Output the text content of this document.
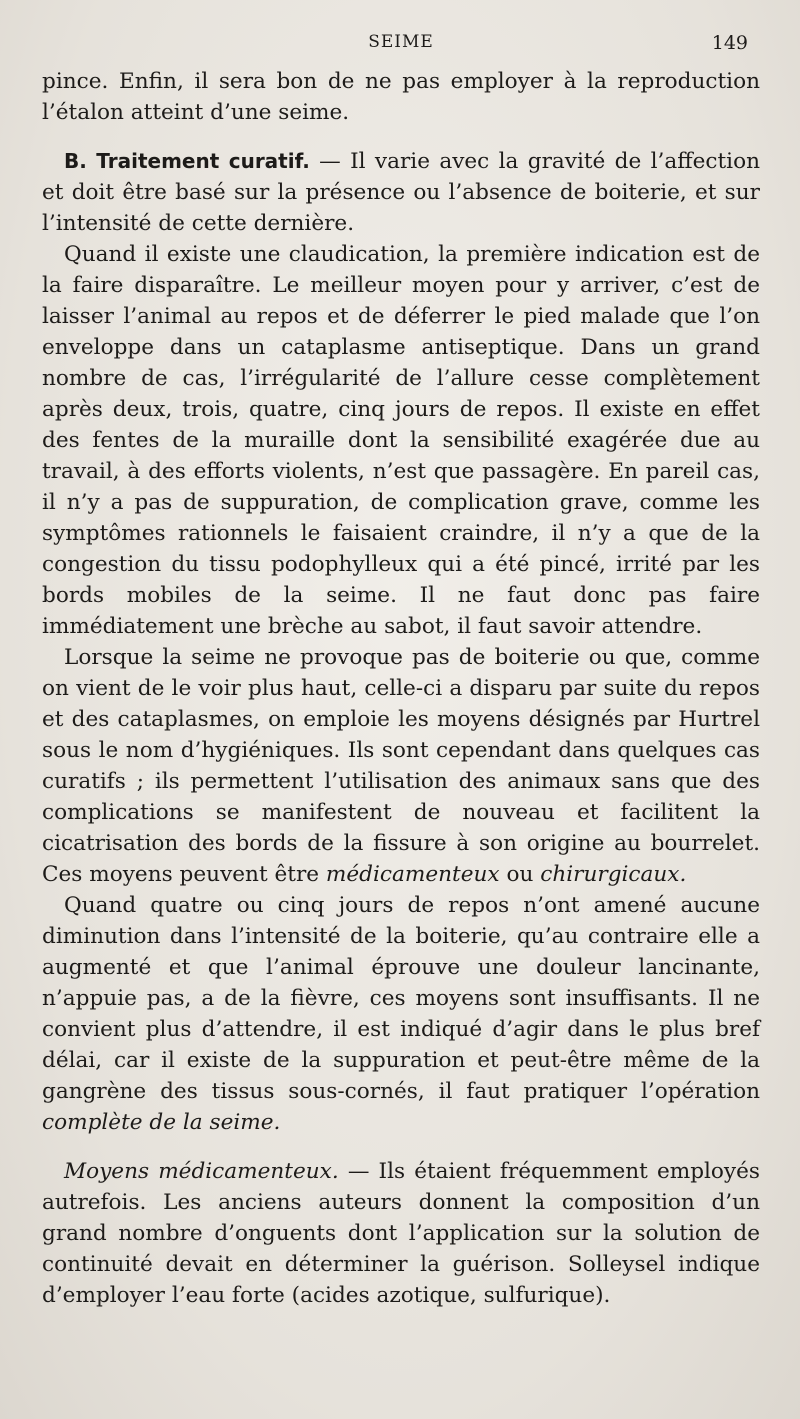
SEIME	149

pince. Enfin, il sera bon de ne pas employer à la reproduction l’étalon atteint d’une seime.

B. Traitement curatif. — Il varie avec la gravité de l’affection et doit être basé sur la présence ou l’absence de boiterie, et sur l’intensité de cette dernière.

Quand il existe une claudication, la première indication est de la faire disparaître. Le meilleur moyen pour y arriver, c’est de laisser l’animal au repos et de déferrer le pied malade que l’on enveloppe dans un cataplasme antiseptique. Dans un grand nombre de cas, l’irrégularité de l’allure cesse complètement après deux, trois, quatre, cinq jours de repos. Il existe en effet des fentes de la muraille dont la sensibilité exagérée due au travail, à des efforts violents, n’est que passagère. En pareil cas, il n’y a pas de suppuration, de complication grave, comme les symptômes rationnels le faisaient craindre, il n’y a que de la congestion du tissu podophylleux qui a été pincé, irrité par les bords mobiles de la seime. Il ne faut donc pas faire immédiatement une brèche au sabot, il faut savoir attendre.

Lorsque la seime ne provoque pas de boiterie ou que, comme on vient de le voir plus haut, celle-ci a disparu par suite du repos et des cataplasmes, on emploie les moyens désignés par Hurtrel sous le nom d’hygiéniques. Ils sont cependant dans quelques cas curatifs ; ils permettent l’utilisation des animaux sans que des complications se manifestent de nouveau et facilitent la cicatrisation des bords de la fissure à son origine au bourrelet. Ces moyens peuvent être médicamenteux ou chirurgicaux.

Quand quatre ou cinq jours de repos n’ont amené aucune diminution dans l’intensité de la boiterie, qu’au contraire elle a augmenté et que l’animal éprouve une douleur lancinante, n’appuie pas, a de la fièvre, ces moyens sont insuffisants. Il ne convient plus d’attendre, il est indiqué d’agir dans le plus bref délai, car il existe de la suppuration et peut-être même de la gangrène des tissus sous-cornés, il faut pratiquer l’opération complète de la seime.

Moyens médicamenteux. — Ils étaient fréquemment employés autrefois. Les anciens auteurs donnent la composition d’un grand nombre d’onguents dont l’application sur la solution de continuité devait en déterminer la guérison. Solleysel indique d’employer l’eau forte (acides azotique, sulfurique).
